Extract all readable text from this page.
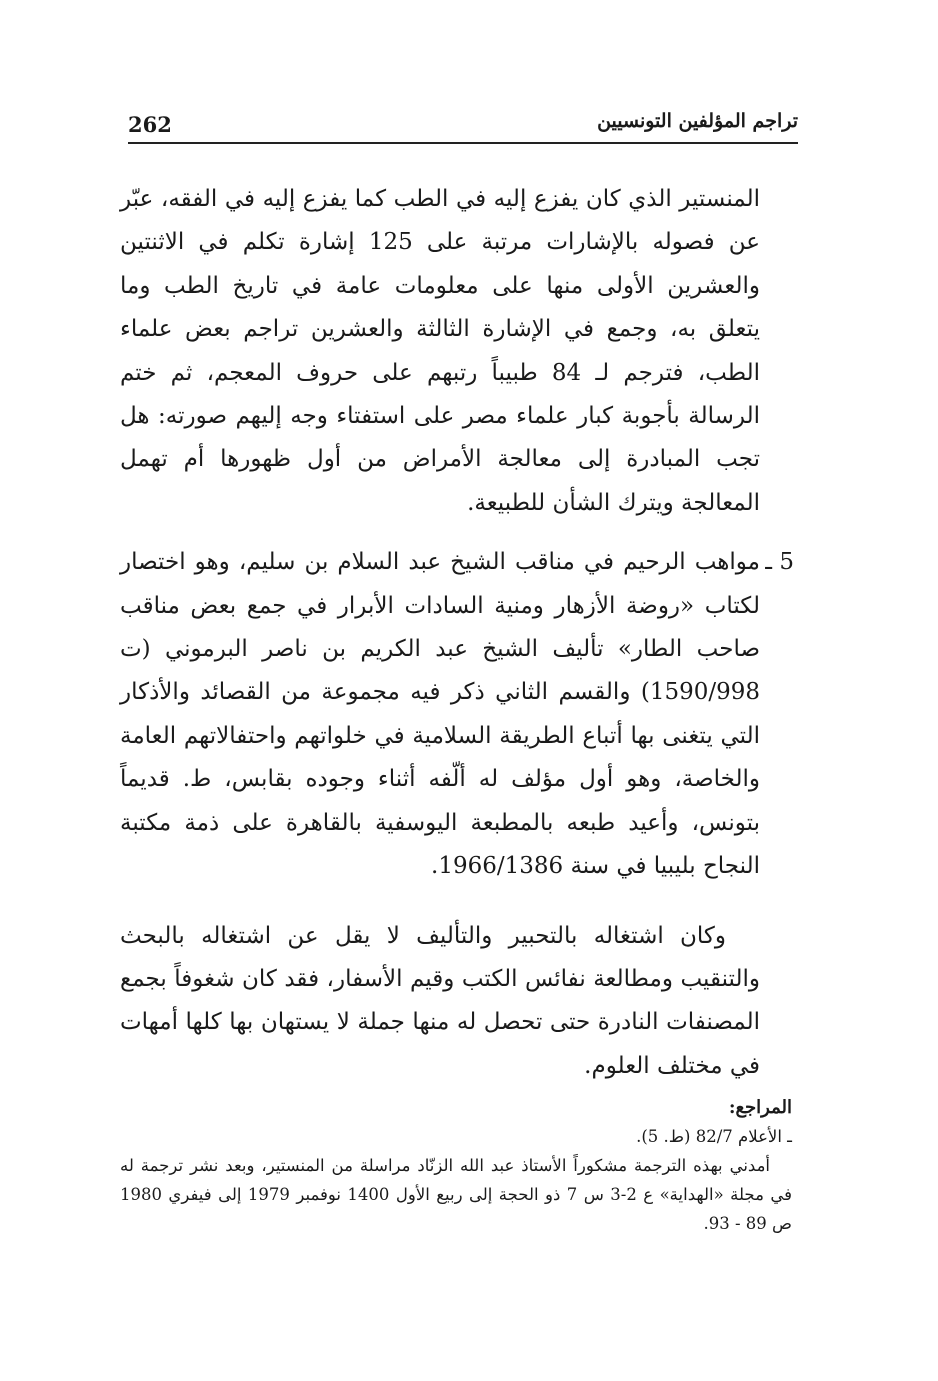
262	تراجم المؤلفين التونسيين

المنستير الذي كان يفزع إليه في الطب كما يفزع إليه في الفقه، عبّر عن فصوله بالإشارات مرتبة على 125 إشارة تكلم في الاثنتين والعشرين الأولى منها على معلومات عامة في تاريخ الطب وما يتعلق به، وجمع في الإشارة الثالثة والعشرين تراجم بعض علماء الطب، فترجم لـ 84 طبيباً رتبهم على حروف المعجم، ثم ختم الرسالة بأجوبة كبار علماء مصر على استفتاء وجه إليهم صورته: هل تجب المبادرة إلى معالجة الأمراض من أول ظهورها أم تهمل المعالجة ويترك الشأن للطبيعة.

5 ـ
مواهب الرحيم في مناقب الشيخ عبد السلام بن سليم، وهو اختصار لكتاب «روضة الأزهار ومنية السادات الأبرار في جمع بعض مناقب صاحب الطار» تأليف الشيخ عبد الكريم بن ناصر البرموني (ت 1590/998) والقسم الثاني ذكر فيه مجموعة من القصائد والأذكار التي يتغنى بها أتباع الطريقة السلامية في خلواتهم واحتفالاتهم العامة والخاصة، وهو أول مؤلف له ألّفه أثناء وجوده بقابس، ط. قديماً بتونس، وأعيد طبعه بالمطبعة اليوسفية بالقاهرة على ذمة مكتبة النجاح بليبيا في سنة 1966/1386.

وكان اشتغاله بالتحبير والتأليف لا يقل عن اشتغاله بالبحث والتنقيب ومطالعة نفائس الكتب وقيم الأسفار، فقد كان شغوفاً بجمع المصنفات النادرة حتى تحصل له منها جملة لا يستهان بها كلها أمهات في مختلف العلوم.

المراجع:

ـ الأعلام 82/7 (ط. 5).

أمدني بهذه الترجمة مشكوراً الأستاذ عبد الله الزنّاد مراسلة من المنستير، وبعد نشر ترجمة له في مجلة «الهداية» ع 2-3 س 7 ذو الحجة إلى ربيع الأول 1400 نوفمبر 1979 إلى فيفري 1980 ص 89 - 93.
